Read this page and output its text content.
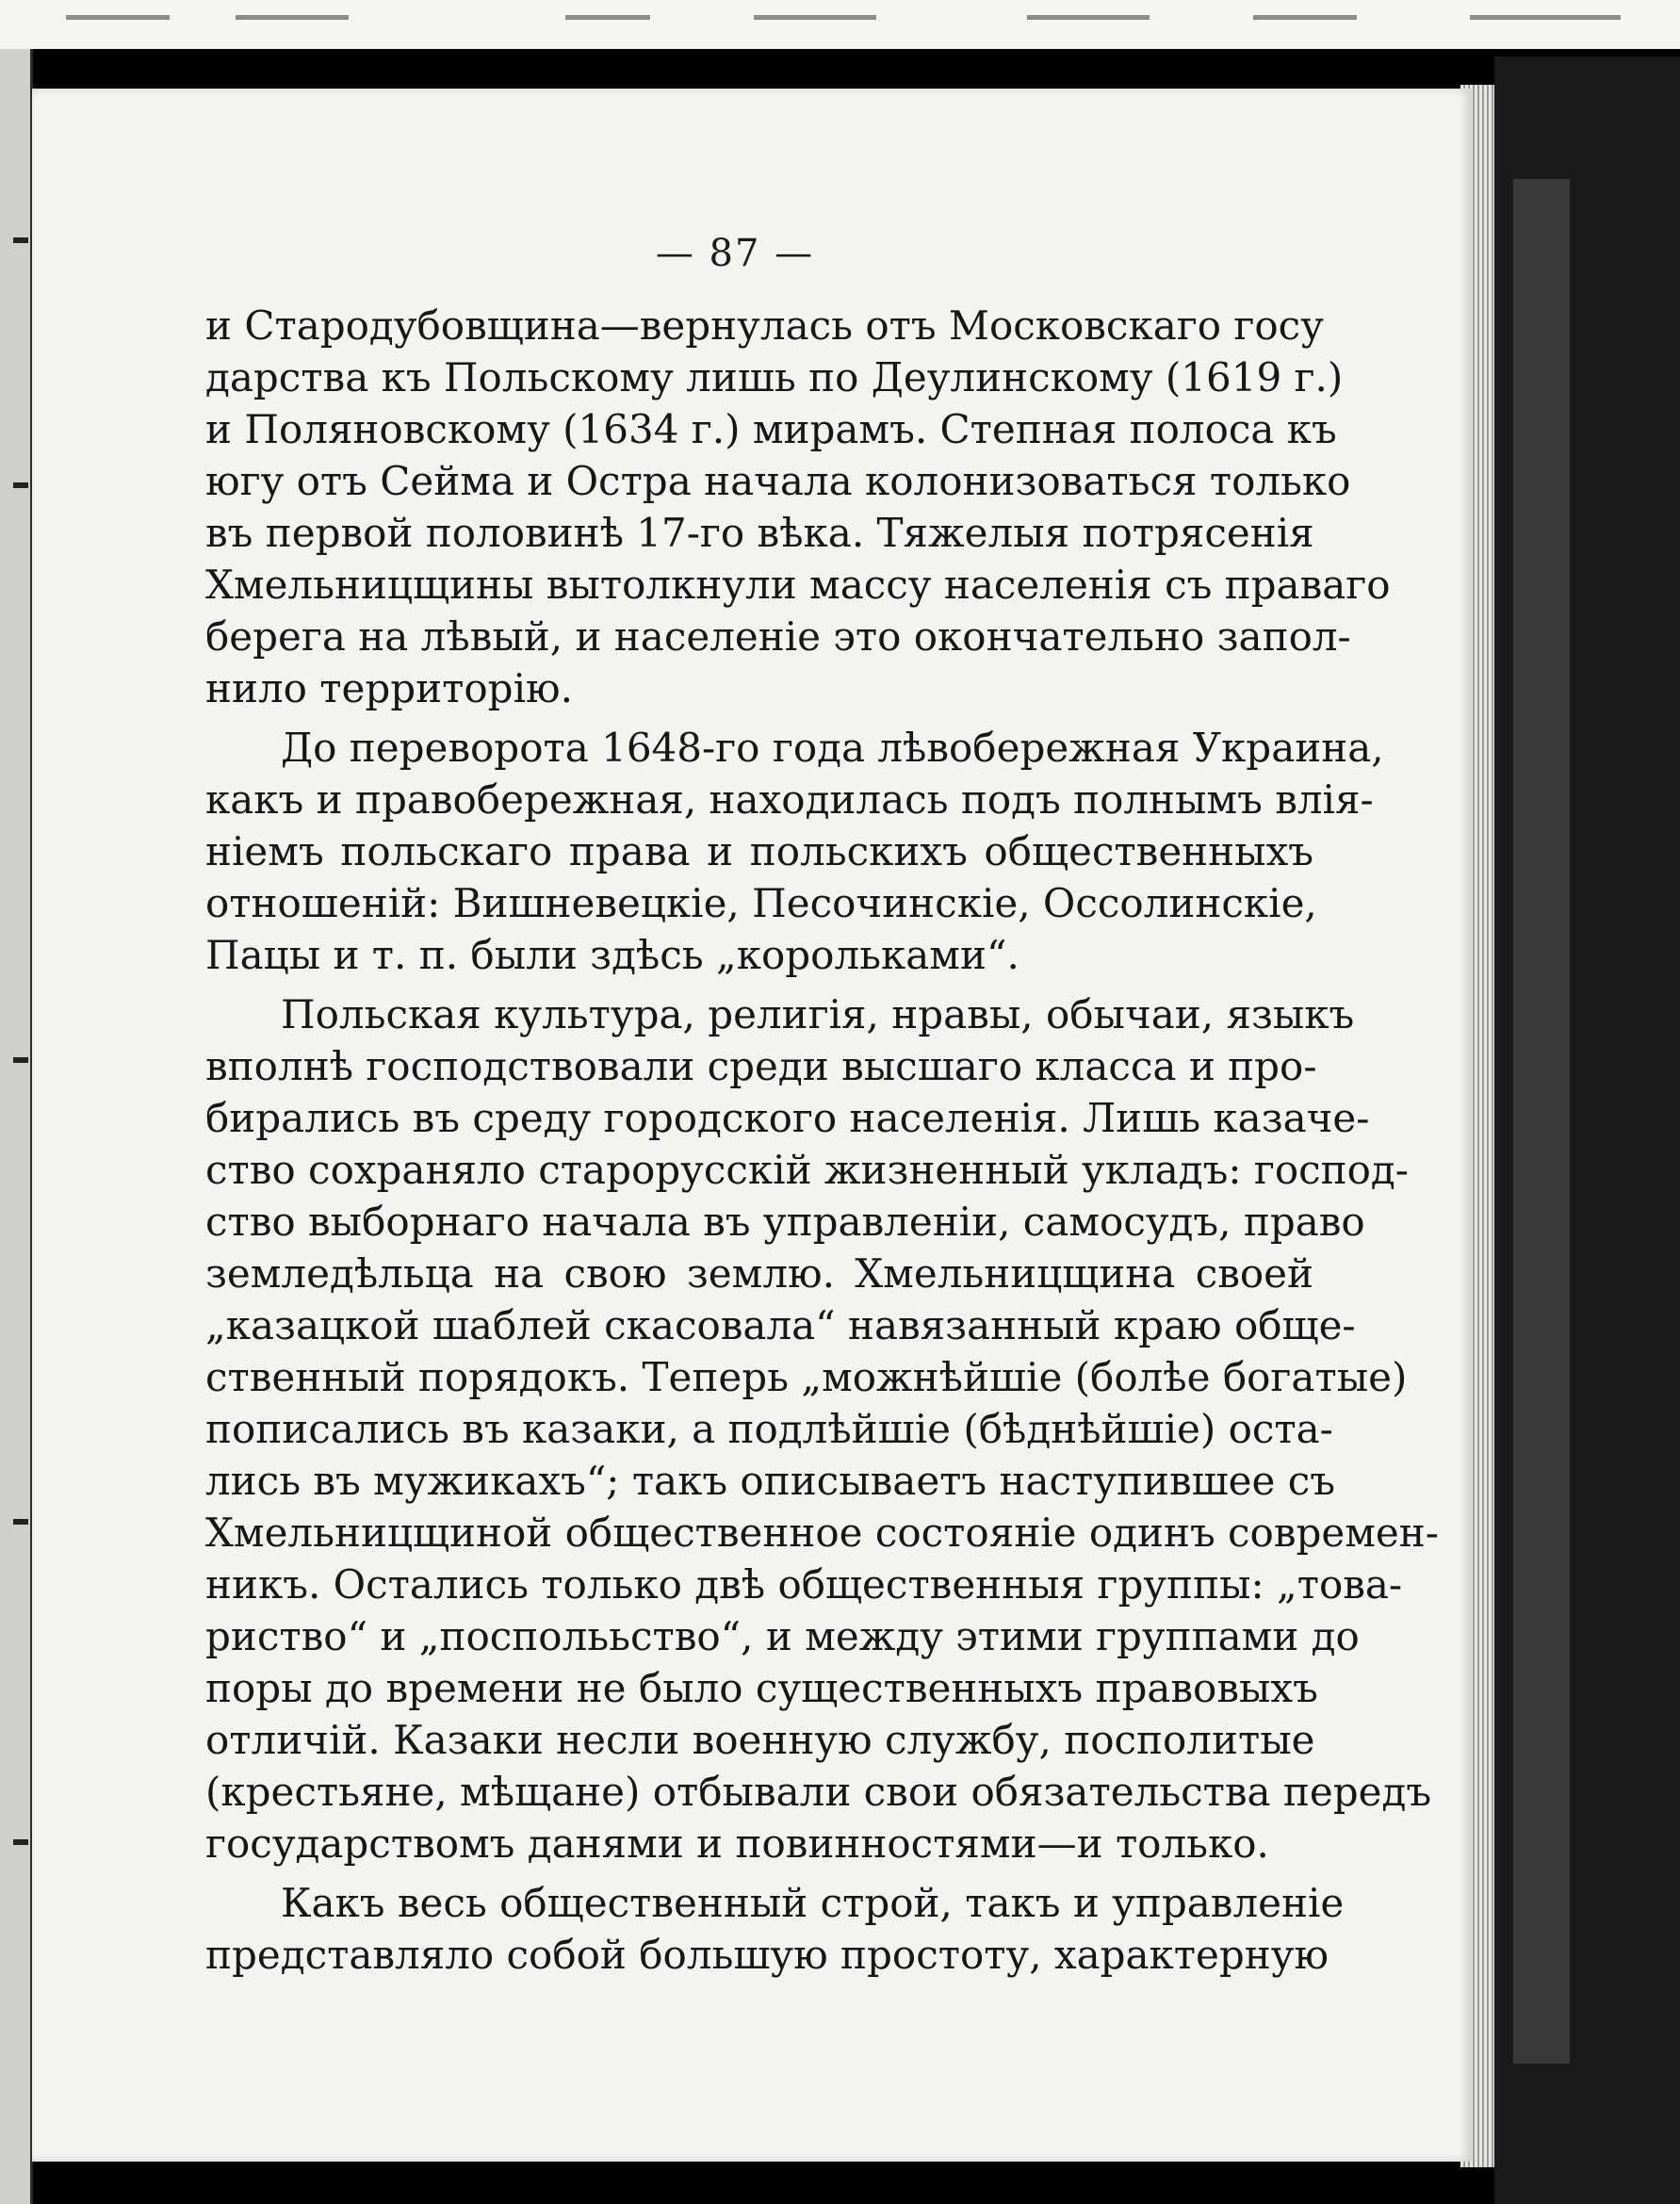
— 87 —
и Стародубовщина—вернулась отъ Московскаго госу
дарства къ Польскому лишь по Деулинскому (1619 г.)
и Поляновскому (1634 г.) мирамъ. Степная полоса къ
югу отъ Сейма и Остра начала колонизоваться только
въ первой половинѣ 17-го вѣка. Тяжелыя потрясенія
Хмельницщины вытолкнули массу населенія съ праваго
берега на лѣвый, и населеніе это окончательно запол-
нило территорію.
До переворота 1648-го года лѣвобережная Украина,
какъ и правобережная, находилась подъ полнымъ влія-
ніемъ польскаго права и польскихъ общественныхъ
отношеній: Вишневецкіе, Песочинскіе, Оссолинскіе,
Пацы и т. п. были здѣсь „корольками“.
Польская культура, религія, нравы, обычаи, языкъ
вполнѣ господствовали среди высшаго класса и про-
бирались въ среду городского населенія. Лишь казаче-
ство сохраняло старорусскій жизненный укладъ: господ-
ство выборнаго начала въ управленіи, самосудъ, право
земледѣльца на свою землю. Хмельницщина своей
„казацкой шаблей скасовала“ навязанный краю обще-
ственный порядокъ. Теперь „можнѣйшіе (болѣе богатые)
пописались въ казаки, а подлѣйшіе (бѣднѣйшіе) оста-
лись въ мужикахъ“; такъ описываетъ наступившее съ
Хмельницщиной общественное состояніе одинъ современ-
никъ. Остались только двѣ общественныя группы: „това-
риство“ и „посполььство“, и между этими группами до
поры до времени не было существенныхъ правовыхъ
отличій. Казаки несли военную службу, посполитые
(крестьяне, мѣщане) отбывали свои обязательства передъ
государствомъ данями и повинностями—и только.
Какъ весь общественный строй, такъ и управленіе
представляло собой большую простоту, характерную
